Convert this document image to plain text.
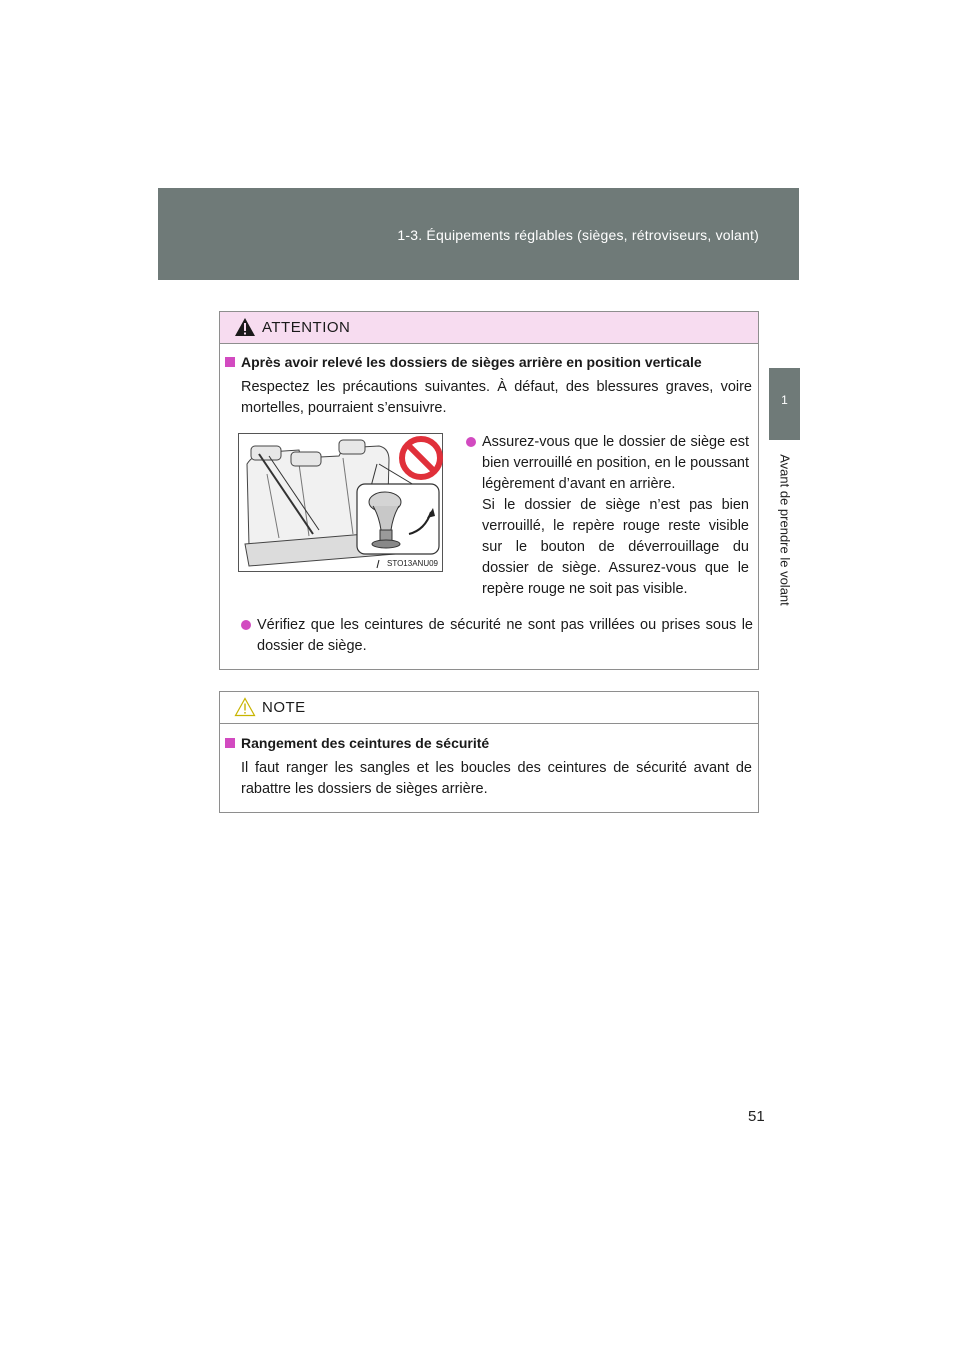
1-3. Équipements réglables (sièges, rétroviseurs, volant)
1
Avant de prendre le volant
ATTENTION
Après avoir relevé les dossiers de sièges arrière en position verticale
Respectez les précautions suivantes. À défaut, des blessures graves, voire mortelles, pourraient s’ensuivre.
STO13ANU09
Assurez-vous que le dossier de siège est bien verrouillé en position, en le poussant légèrement d’avant en arrière.
Si le dossier de siège n’est pas bien verrouillé, le repère rouge reste visible sur le bouton de déverrouillage du dossier de siège. Assurez-vous que le repère rouge ne soit pas visible.
Vérifiez que les ceintures de sécurité ne sont pas vrillées ou prises sous le dossier de siège.
NOTE
Rangement des ceintures de sécurité
Il faut ranger les sangles et les boucles des ceintures de sécurité avant de rabattre les dossiers de sièges arrière.
51
